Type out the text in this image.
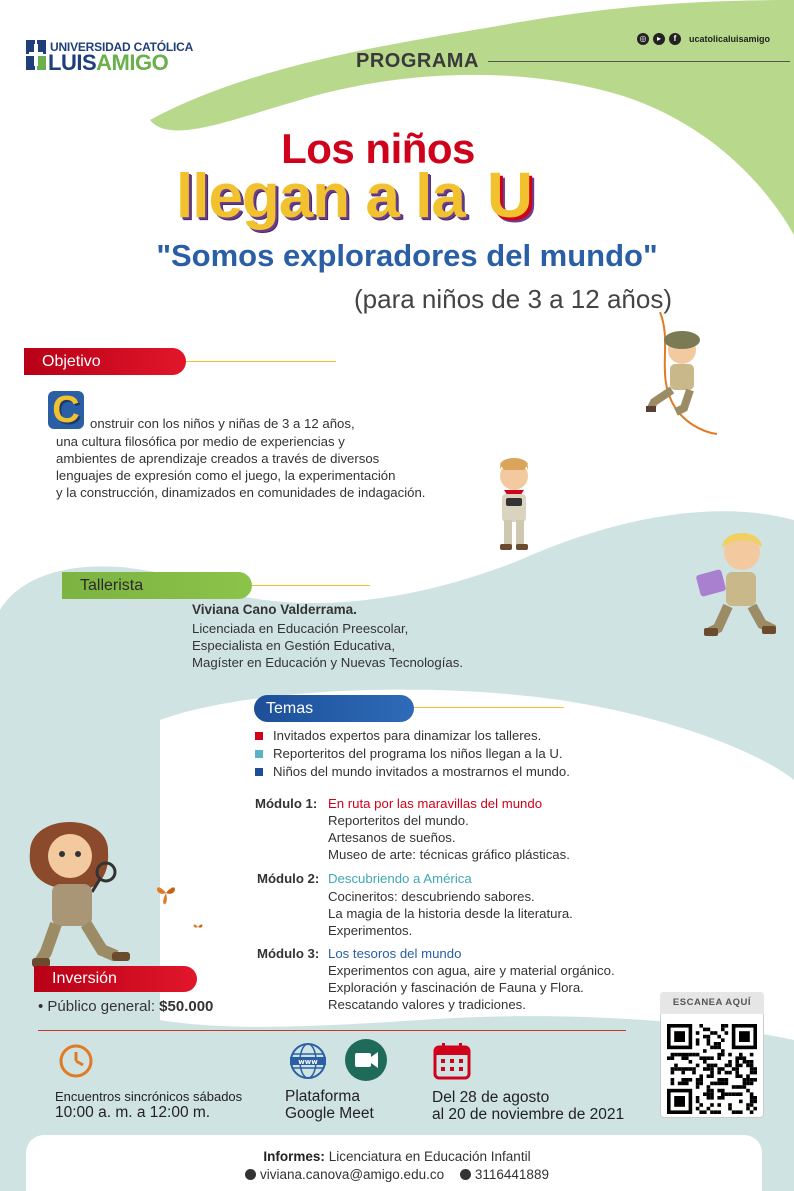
UNIVERSIDAD CATÓLICA
LUISAMIGO
◎	▸	f	ucatolicaluisamigo
PROGRAMA
Los niños
llegan a la U
"Somos exploradores del mundo"
(para niños de 3 a 12 años)
Objetivo
C onstruir con los niños y niñas de 3 a 12 años,
una cultura filosófica por medio de experiencias y
ambientes de aprendizaje creados a través de diversos
lenguajes de expresión como el juego, la experimentación
y la construcción, dinamizados en comunidades de indagación.
Tallerista
Viviana Cano Valderrama.
Licenciada en Educación Preescolar,
Especialista en Gestión Educativa,
Magíster en Educación y Nuevas Tecnologías.
Temas
Invitados expertos para dinamizar los talleres.
Reporteritos del programa los niños llegan a la U.
Niños del mundo invitados a mostrarnos el mundo.
Módulo 1: En ruta por las maravillas del mundo
Reporteritos del mundo.
Artesanos de sueños.
Museo de arte: técnicas gráfico plásticas.
Módulo 2: Descubriendo a América
Cocineritos: descubriendo sabores.
La magia de la historia desde la literatura.
Experimentos.
Módulo 3: Los tesoros del mundo
Experimentos con agua, aire y material orgánico.
Exploración y fascinación de Fauna y Flora.
Rescatando valores y tradiciones.
Inversión
• Público general: $50.000	ESCANEA AQUÍ
Encuentros sincrónicos sábados
10:00 a. m. a 12:00 m.
www
Plataforma
Google Meet
Del 28 de agosto
al 20 de noviembre de 2021
Informes: Licenciatura en Educación Infantil
viviana.canova@amigo.edu.co 3116441889
